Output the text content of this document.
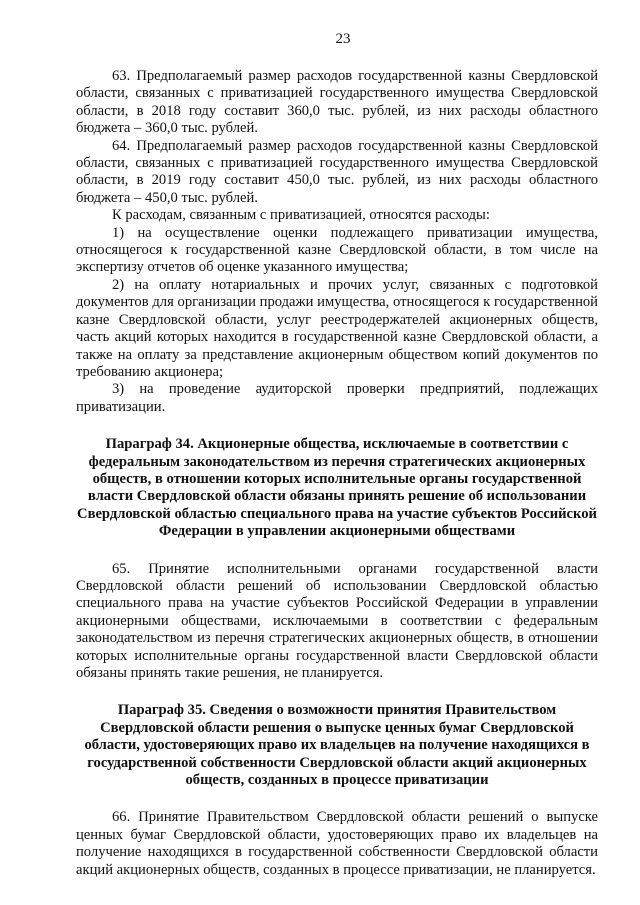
23

63. Предполагаемый размер расходов государственной казны Свердловской области, связанных с приватизацией государственного имущества Свердловской области, в 2018 году составит 360,0 тыс. рублей, из них расходы областного бюджета – 360,0 тыс. рублей.

64. Предполагаемый размер расходов государственной казны Свердловской области, связанных с приватизацией государственного имущества Свердловской области, в 2019 году составит 450,0 тыс. рублей, из них расходы областного бюджета – 450,0 тыс. рублей.

К расходам, связанным с приватизацией, относятся расходы:

1) на осуществление оценки подлежащего приватизации имущества, относящегося к государственной казне Свердловской области, в том числе на экспертизу отчетов об оценке указанного имущества;

2) на оплату нотариальных и прочих услуг, связанных с подготовкой документов для организации продажи имущества, относящегося к государственной казне Свердловской области, услуг реестродержателей акционерных обществ, часть акций которых находится в государственной казне Свердловской области, а также на оплату за представление акционерным обществом копий документов по требованию акционера;

3) на проведение аудиторской проверки предприятий, подлежащих приватизации.

Параграф 34. Акционерные общества, исключаемые в соответствии с федеральным законодательством из перечня стратегических акционерных обществ, в отношении которых исполнительные органы государственной власти Свердловской области обязаны принять решение об использовании Свердловской областью специального права на участие субъектов Российской Федерации в управлении акционерными обществами

65. Принятие исполнительными органами государственной власти Свердловской области решений об использовании Свердловской областью специального права на участие субъектов Российской Федерации в управлении акционерными обществами, исключаемыми в соответствии с федеральным законодательством из перечня стратегических акционерных обществ, в отношении которых исполнительные органы государственной власти Свердловской области обязаны принять такие решения, не планируется.

Параграф 35. Сведения о возможности принятия Правительством Свердловской области решения о выпуске ценных бумаг Свердловской области, удостоверяющих право их владельцев на получение находящихся в государственной собственности Свердловской области акций акционерных обществ, созданных в процессе приватизации

66. Принятие Правительством Свердловской области решений о выпуске ценных бумаг Свердловской области, удостоверяющих право их владельцев на получение находящихся в государственной собственности Свердловской области акций акционерных обществ, созданных в процессе приватизации, не планируется.
